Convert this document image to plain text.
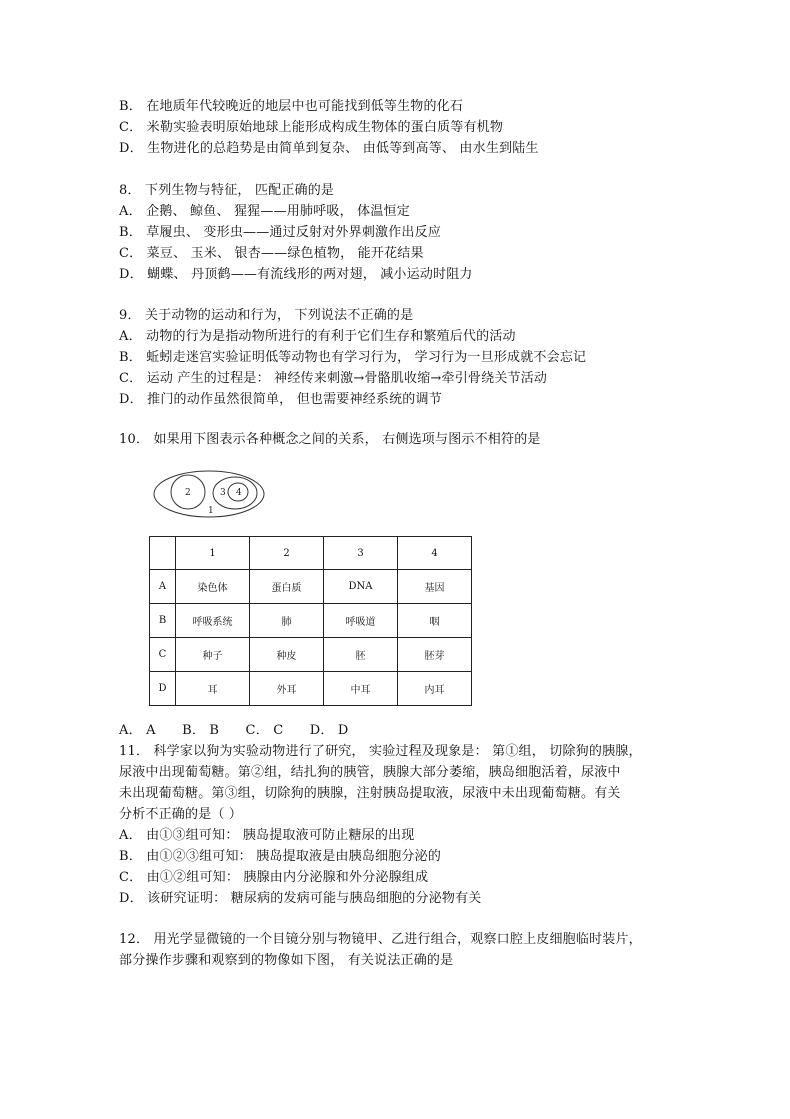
B． 在地质年代较晚近的地层中也可能找到低等生物的化石
C． 米勒实验表明原始地球上能形成构成生物体的蛋白质等有机物
D． 生物进化的总趋势是由简单到复杂、 由低等到高等、 由水生到陆生
8． 下列生物与特征， 匹配正确的是
A． 企鹅、 鲸鱼、 猩猩——用肺呼吸， 体温恒定
B． 草履虫、 变形虫——通过反射对外界刺激作出反应
C． 菜豆、 玉米、 银杏——绿色植物， 能开花结果
D． 蝴蝶、 丹顶鹤——有流线形的两对翅， 减小运动时阻力
9． 关于动物的运动和行为， 下列说法不正确的是
A． 动物的行为是指动物所进行的有利于它们生存和繁殖后代的活动
B． 蚯蚓走迷宫实验证明低等动物也有学习行为， 学习行为一旦形成就不会忘记
C． 运动 产生的过程是： 神经传来刺激→骨骼肌收缩→牵引骨绕关节活动
D． 推门的动作虽然很简单， 但也需要神经系统的调节
10． 如果用下图表示各种概念之间的关系， 右侧选项与图示不相符的是
2	3 4
1
	1	2	3	4
A	染色体	蛋白质	DNA	基因
B	呼吸系统	肺	呼吸道	咽
C	种子	种皮	胚	胚芽
D	耳	外耳	中耳	内耳
A． A　　B． B　　C． C　　D． D
11． 科学家以狗为实验动物进行了研究， 实验过程及现象是： 第①组， 切除狗的胰腺，
尿液中出现葡萄糖。第②组，结扎狗的胰管，胰腺大部分萎缩，胰岛细胞活着，尿液中
未出现葡萄糖。第③组，切除狗的胰腺，注射胰岛提取液，尿液中未出现葡萄糖。有关
分析不正确的是（ ）
A． 由①③组可知： 胰岛提取液可防止糖尿的出现
B． 由①②③组可知： 胰岛提取液是由胰岛细胞分泌的
C． 由①②组可知： 胰腺由内分泌腺和外分泌腺组成
D． 该研究证明： 糖尿病的发病可能与胰岛细胞的分泌物有关
12． 用光学显微镜的一个目镜分别与物镜甲、乙进行组合，观察口腔上皮细胞临时装片，
部分操作步骤和观察到的物像如下图， 有关说法正确的是
